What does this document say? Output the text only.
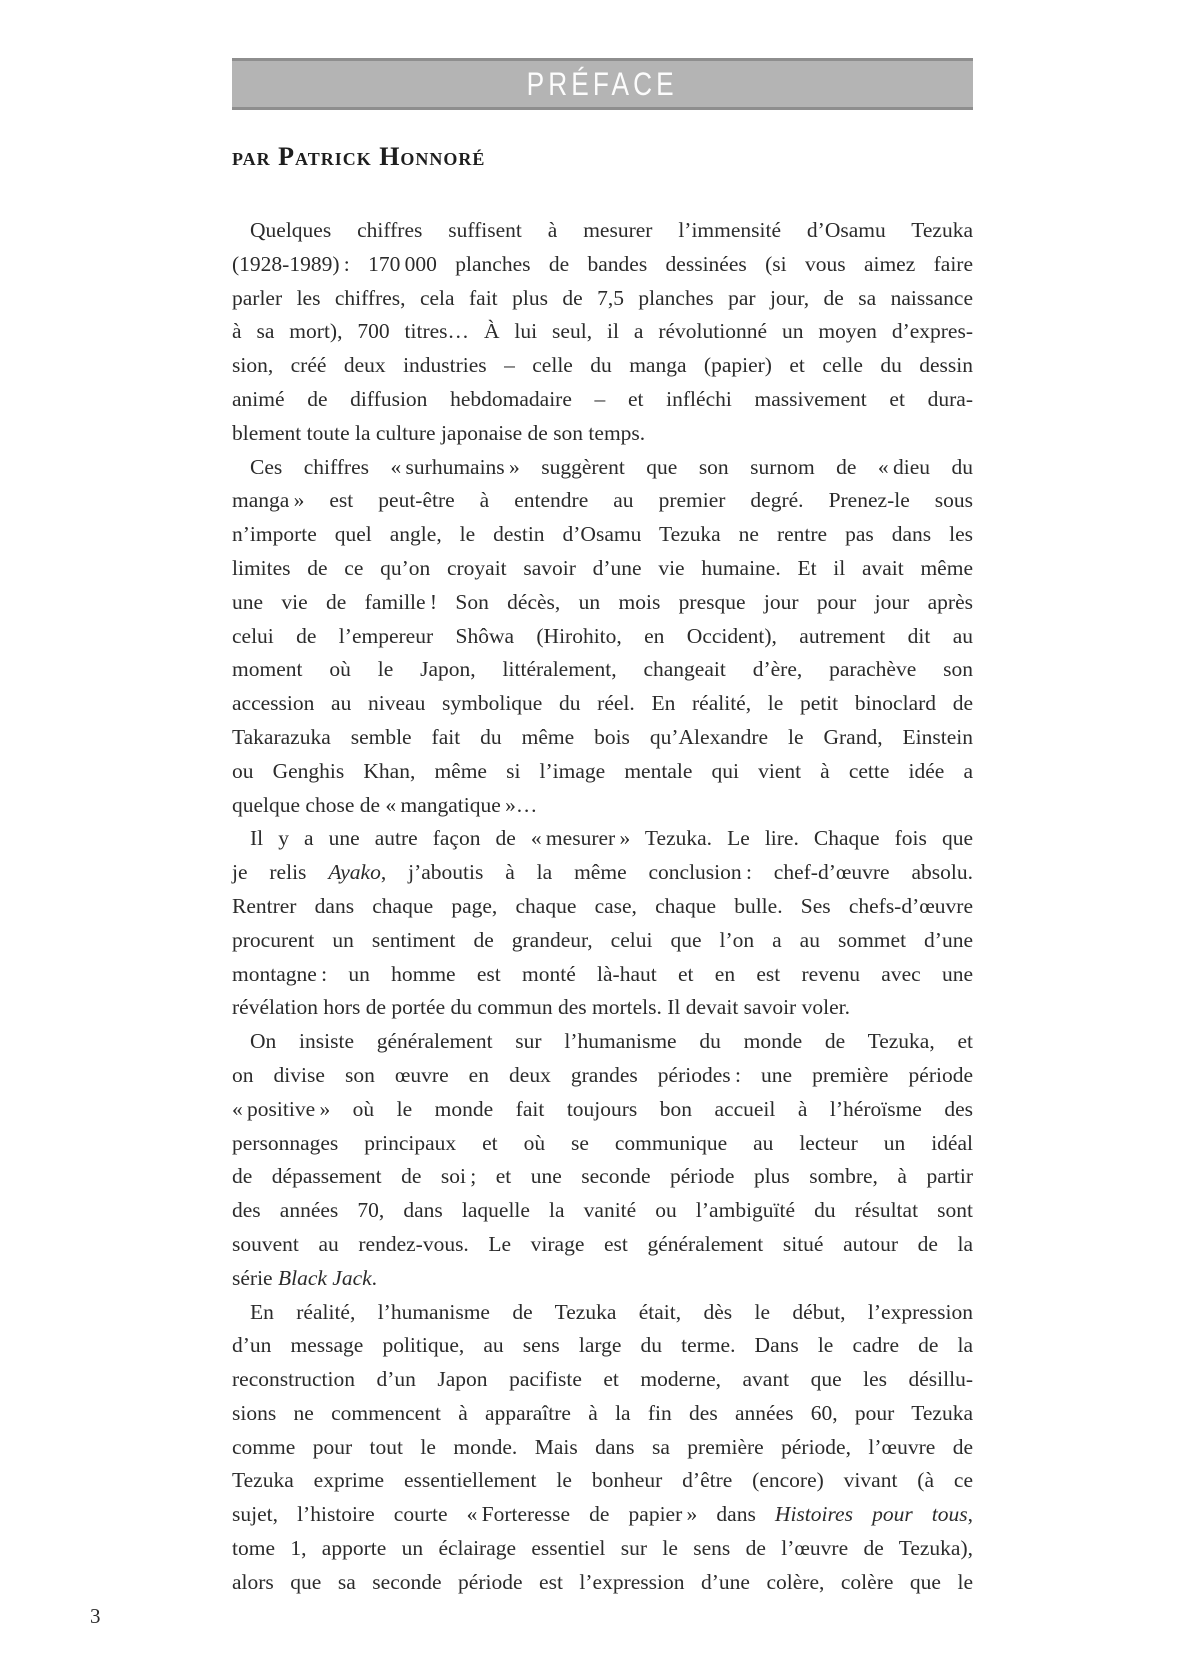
PRÉFACE
par Patrick Honnoré
Quelques chiffres suffisent à mesurer l’immensité d’Osamu Tezuka
(1928-1989) : 170 000 planches de bandes dessinées (si vous aimez faire
parler les chiffres, cela fait plus de 7,5 planches par jour, de sa naissance
à sa mort), 700 titres… À lui seul, il a révolutionné un moyen d’expres-
sion, créé deux industries – celle du manga (papier) et celle du dessin
animé de diffusion hebdomadaire – et infléchi massivement et dura-
blement toute la culture japonaise de son temps.
Ces chiffres « surhumains » suggèrent que son surnom de « dieu du
manga » est peut-être à entendre au premier degré. Prenez-le sous
n’importe quel angle, le destin d’Osamu Tezuka ne rentre pas dans les
limites de ce qu’on croyait savoir d’une vie humaine. Et il avait même
une vie de famille ! Son décès, un mois presque jour pour jour après
celui de l’empereur Shôwa (Hirohito, en Occident), autrement dit au
moment où le Japon, littéralement, changeait d’ère, parachève son
accession au niveau symbolique du réel. En réalité, le petit binoclard de
Takarazuka semble fait du même bois qu’Alexandre le Grand, Einstein
ou Genghis Khan, même si l’image mentale qui vient à cette idée a
quelque chose de « mangatique »…
Il y a une autre façon de « mesurer » Tezuka. Le lire. Chaque fois que
je relis Ayako, j’aboutis à la même conclusion : chef-d’œuvre absolu.
Rentrer dans chaque page, chaque case, chaque bulle. Ses chefs-d’œuvre
procurent un sentiment de grandeur, celui que l’on a au sommet d’une
montagne : un homme est monté là-haut et en est revenu avec une
révélation hors de portée du commun des mortels. Il devait savoir voler.
On insiste généralement sur l’humanisme du monde de Tezuka, et
on divise son œuvre en deux grandes périodes : une première période
« positive » où le monde fait toujours bon accueil à l’héroïsme des
personnages principaux et où se communique au lecteur un idéal
de dépassement de soi ; et une seconde période plus sombre, à partir
des années 70, dans laquelle la vanité ou l’ambiguïté du résultat sont
souvent au rendez-vous. Le virage est généralement situé autour de la
série Black Jack.
En réalité, l’humanisme de Tezuka était, dès le début, l’expression
d’un message politique, au sens large du terme. Dans le cadre de la
reconstruction d’un Japon pacifiste et moderne, avant que les désillu-
sions ne commencent à apparaître à la fin des années 60, pour Tezuka
comme pour tout le monde. Mais dans sa première période, l’œuvre de
Tezuka exprime essentiellement le bonheur d’être (encore) vivant (à ce
sujet, l’histoire courte « Forteresse de papier » dans Histoires pour tous,
tome 1, apporte un éclairage essentiel sur le sens de l’œuvre de Tezuka),
alors que sa seconde période est l’expression d’une colère, colère que le
3
